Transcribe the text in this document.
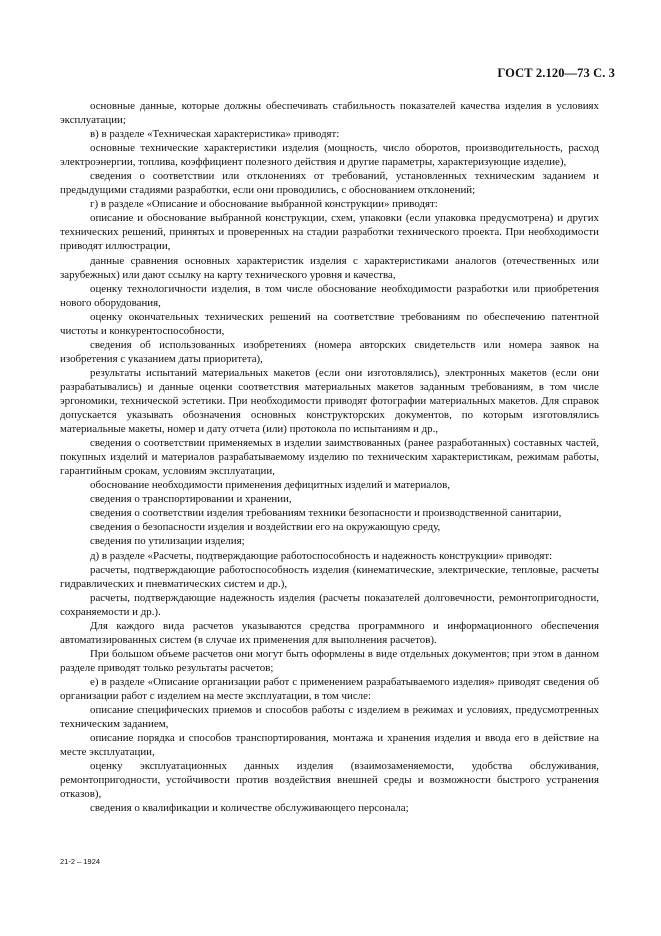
ГОСТ 2.120—73 С. 3

основные данные, которые должны обеспечивать стабильность показателей качества изделия в условиях эксплуатации;

в) в разделе «Техническая характеристика» приводят:

основные технические характеристики изделия (мощность, число оборотов, производительность, расход электроэнергии, топлива, коэффициент полезного действия и другие параметры, характеризующие изделие),

сведения о соответствии или отклонениях от требований, установленных техническим заданием и предыдущими стадиями разработки, если они проводились, с обоснованием отклонений;

г) в разделе «Описание и обоснование выбранной конструкции» приводят:

описание и обоснование выбранной конструкции, схем, упаковки (если упаковка предусмотрена) и других технических решений, принятых и проверенных на стадии разработки технического проекта. При необходимости приводят иллюстрации,

данные сравнения основных характеристик изделия с характеристиками аналогов (отечественных или зарубежных) или дают ссылку на карту технического уровня и качества,

оценку технологичности изделия, в том числе обоснование необходимости разработки или приобретения нового оборудования,

оценку окончательных технических решений на соответствие требованиям по обеспечению патентной чистоты и конкурентоспособности,

сведения об использованных изобретениях (номера авторских свидетельств или номера заявок на изобретения с указанием даты приоритета),

результаты испытаний материальных макетов (если они изготовлялись), электронных макетов (если они разрабатывались) и данные оценки соответствия материальных макетов заданным требованиям, в том числе эргономики, технической эстетики. При необходимости приводят фотографии материальных макетов. Для справок допускается указывать обозначения основных конструкторских документов, по которым изготовлялись материальные макеты, номер и дату отчета (или) протокола по испытаниям и др.,

сведения о соответствии применяемых в изделии заимствованных (ранее разработанных) составных частей, покупных изделий и материалов разрабатываемому изделию по техническим характеристикам, режимам работы, гарантийным срокам, условиям эксплуатации,

обоснование необходимости применения дефицитных изделий и материалов,

сведения о транспортировании и хранении,

сведения о соответствии изделия требованиям техники безопасности и производственной санитарии,

сведения о безопасности изделия и воздействии его на окружающую среду,

сведения по утилизации изделия;

д) в разделе «Расчеты, подтверждающие работоспособность и надежность конструкции» приводят:

расчеты, подтверждающие работоспособность изделия (кинематические, электрические, тепловые, расчеты гидравлических и пневматических систем и др.),

расчеты, подтверждающие надежность изделия (расчеты показателей долговечности, ремонтопригодности, сохраняемости и др.).

Для каждого вида расчетов указываются средства программного и информационного обеспечения автоматизированных систем (в случае их применения для выполнения расчетов).

При большом объеме расчетов они могут быть оформлены в виде отдельных документов; при этом в данном разделе приводят только результаты расчетов;

е) в разделе «Описание организации работ с применением разрабатываемого изделия» приводят сведения об организации работ с изделием на месте эксплуатации, в том числе:

описание специфических приемов и способов работы с изделием в режимах и условиях, предусмотренных техническим заданием,

описание порядка и способов транспортирования, монтажа и хранения изделия и ввода его в действие на месте эксплуатации,

оценку эксплуатационных данных изделия (взаимозаменяемости, удобства обслуживания, ремонтопригодности, устойчивости против воздействия внешней среды и возможности быстрого устранения отказов),

сведения о квалификации и количестве обслуживающего персонала;

21-2 – 1924
